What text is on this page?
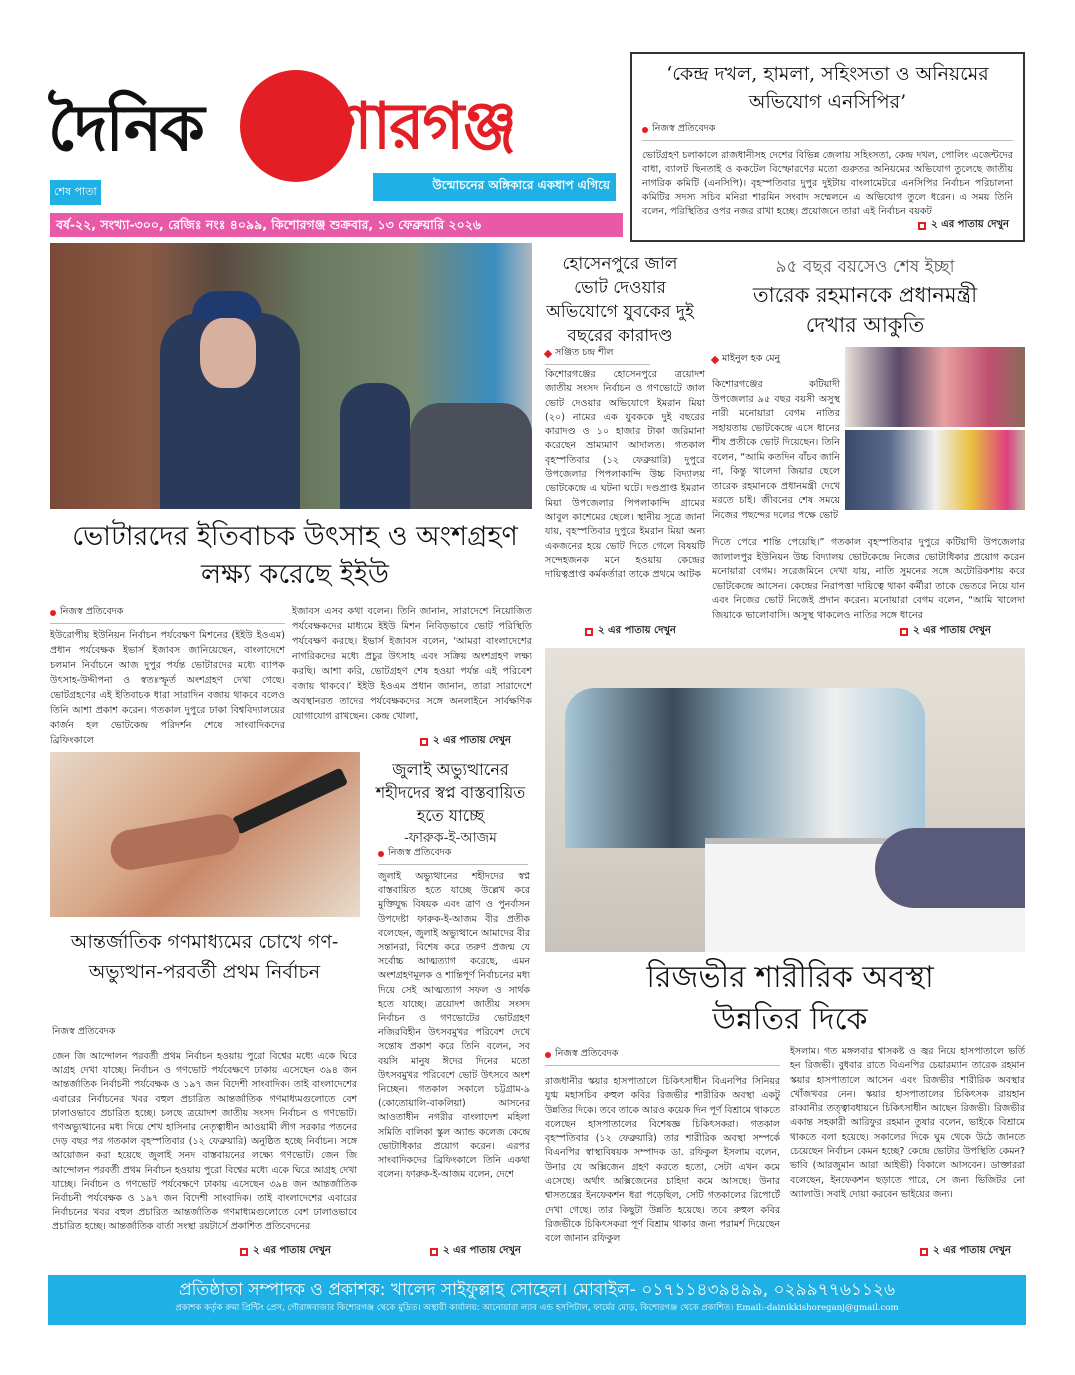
দৈনিক কিশোরগঞ্জ
শেষ পাতা	উন্মোচনের অঙ্গিকারে একধাপ এগিয়ে
বর্ষ-২২, সংখ্যা-৩০০, রেজিঃ নংঃ ৪০৯৯, কিশোরগঞ্জ শুক্রবার, ১৩ ফেব্রুয়ারি ২০২৬
‘কেন্দ্র দখল, হামলা, সহিংসতা ও অনিয়মের অভিযোগ এনসিপির’
নিজস্ব প্রতিবেদক
ভোটগ্রহণ চলাকালে রাজধানীসহ দেশের বিভিন্ন জেলায় সহিংসতা, কেন্দ্র দখল, পোলিং এজেন্টদের বাধা, ব্যালট ছিনতাই ও ককটেল বিস্ফোরণের মতো গুরুতর অনিয়মের অভিযোগ তুলেছে জাতীয় নাগরিক কমিটি (এনসিপি)। বৃহস্পতিবার দুপুর দুইটায় বাংলামেটরে এনসিপির নির্বাচন পরিচালনা কমিটির সদস্য সচিব মনিরা শারমিন সংবাদ সম্মেলনে এ অভিযোগ তুলে ধরেন। এ সময় তিনি বলেন, পরিস্থিতির ওপর নজর রাখা হচ্ছে। প্রয়োজনে তারা এই নির্বাচন বয়কট
২ এর পাতায় দেখুন
ভোটারদের ইতিবাচক উৎসাহ ও অংশগ্রহণ লক্ষ্য করেছে ইইউ
নিজস্ব প্রতিবেদক
ইউরোপীয় ইউনিয়ন নির্বাচন পর্যবেক্ষণ মিশনের (ইইউ ইওএম) প্রধান পর্যবেক্ষক ইভার্স ইজাবস জানিয়েছেন, বাংলাদেশে চলমান নির্বাচনে আজ দুপুর পর্যন্ত ভোটারদের মধ্যে ব্যাপক উৎসাহ-উদ্দীপনা ও স্বতঃস্ফূর্ত অংশগ্রহণ দেখা গেছে। ভোটগ্রহণের এই ইতিবাচক ধারা সারাদিন বজায় থাকবে বলেও তিনি আশা প্রকাশ করেন। গতকাল দুপুরে ঢাকা বিশ্ববিদ্যালয়ের কার্জন হল ভোটকেন্দ্র পরিদর্শন শেষে সাংবাদিকদের ব্রিফিংকালে
ইজাবস এসব কথা বলেন। তিনি জানান, সারাদেশে নিয়োজিত পর্যবেক্ষকদের মাধ্যমে ইইউ মিশন নিবিড়ভাবে ভোট পরিস্থিতি পর্যবেক্ষণ করছে। ইভার্স ইজাবস বলেন, ‘আমরা বাংলাদেশের নাগরিকদের মধ্যে প্রচুর উৎসাহ এবং সক্রিয় অংশগ্রহণ লক্ষ্য করছি। আশা করি, ভোটগ্রহণ শেষ হওয়া পর্যন্ত এই পরিবেশ বজায় থাকবে।’ ইইউ ইওএম প্রধান জানান, তারা সারাদেশে অবস্থানরত তাদের পর্যবেক্ষকদের সঙ্গে অনলাইনে সার্বক্ষণিক যোগাযোগ রাখছেন। কেন্দ্র খোলা,
২ এর পাতায় দেখুন
হোসেনপুরে জাল ভোট দেওয়ার অভিযোগে যুবকের দুই বছরের কারাদণ্ড
সঞ্জিত চন্দ্র শীল
কিশোরগঞ্জের হোসেনপুরে ত্রয়োদশ জাতীয় সংসদ নির্বাচন ও গণভোটে জাল ভোট দেওয়ার অভিযোগে ইমরান মিয়া (২০) নামের এক যুবককে দুই বছরের কারাদণ্ড ও ১০ হাজার টাকা জরিমানা করেছেন ভ্রাম্যমাণ আদালত। গতকাল বৃহস্পতিবার (১২ ফেব্রুয়ারি) দুপুরে উপজেলার পিপলাকান্দি উচ্চ বিদ্যালয় ভোটকেন্দ্রে এ ঘটনা ঘটে। দণ্ডপ্রাপ্ত ইমরান মিয়া উপজেলার পিপলাকান্দি গ্রামের আবুল কাশেমের ছেলে। স্থানীয় সূত্রে জানা যায়, বৃহস্পতিবার দুপুরে ইমরান মিয়া অন্য একজনের হয়ে ভোট দিতে গেলে বিষয়টি সন্দেহজনক মনে হওয়ায় কেন্দ্রের দায়িত্বপ্রাপ্ত কর্মকর্তারা তাকে প্রথমে আটক
২ এর পাতায় দেখুন
৯৫ বছর বয়সেও শেষ ইচ্ছা
তারেক রহমানকে প্রধানমন্ত্রী দেখার আকুতি
মাইনুল হক মেনু
কিশোরগঞ্জের কটিয়াদী উপজেলার ৯৫ বছর বয়সী অসুস্থ নারী মনোয়ারা বেগম নাতির সহায়তায় ভোটকেন্দ্রে এসে ধানের শীষ প্রতীকে ভোট দিয়েছেন। তিনি বলেন, “আমি কতদিন বাঁচব জানি না, কিন্তু খালেদা জিয়ার ছেলে তারেক রহমানকে প্রধানমন্ত্রী দেখে মরতে চাই। জীবনের শেষ সময়ে নিজের পছন্দের দলের পক্ষে ভোট
দিতে পেরে শান্তি পেয়েছি।” গতকাল বৃহস্পতিবার দুপুরে কটিয়াদী উপজেলার জালালপুর ইউনিয়ন উচ্চ বিদ্যালয় ভোটকেন্দ্রে নিজের ভোটাধিকার প্রয়োগ করেন মনোয়ারা বেগম। সরেজমিনে দেখা যায়, নাতি সুমনের সঙ্গে অটোরিকশায় করে ভোটকেন্দ্রে আসেন। কেন্দ্রের নিরাপত্তা দায়িত্বে থাকা কর্মীরা তাকে ভেতরে নিয়ে যান এবং নিজের ভোট নিজেই প্রদান করেন। মনোয়ারা বেগম বলেন, “আমি খালেদা জিয়াকে ভালোবাসি। অসুস্থ থাকলেও নাতির সঙ্গে ধানের
২ এর পাতায় দেখুন
রিজভীর শারীরিক অবস্থা উন্নতির দিকে
নিজস্ব প্রতিবেদক
রাজধানীর স্কয়ার হাসপাতালে চিকিৎসাধীন বিএনপির সিনিয়র যুগ্ম মহাসচিব রুহুল কবির রিজভীর শারীরিক অবস্থা একটু উন্নতির দিকে। তবে তাকে আরও কয়েক দিন পূর্ণ বিশ্রামে থাকতে বলেছেন হাসপাতালের বিশেষজ্ঞ চিকিৎসকরা। গতকাল বৃহস্পতিবার (১২ ফেব্রুয়ারি) তার শারীরিক অবস্থা সম্পর্কে বিএনপির স্বাস্থ্যবিষয়ক সম্পাদক ডা. রফিকুল ইসলাম বলেন, উনার যে অক্সিজেন গ্রহণ করতে হতো, সেটা এখন কমে এসেছে। অর্থাৎ অক্সিজেনের চাহিদা কমে আসছে। উনার শ্বাসতন্ত্রের ইনফেকশন ধরা পড়েছিল, সেটি গতকালের রিপোর্টে দেখা গেছে। তার কিছুটা উন্নতি হয়েছে। তবে রুহুল কবির রিজভীকে চিকিৎসকরা পূর্ণ বিশ্রাম থাকার জন্য পরামর্শ দিয়েছেন বলে জানান রফিকুল
ইসলাম। গত মঙ্গলবার শ্বাসকষ্ট ও জ্বর নিয়ে হাসপাতালে ভর্তি হন রিজভী। বুধবার রাতে বিএনপির চেয়ারম্যান তারেক রহমান স্কয়ার হাসপাতালে আসেন এবং রিজভীর শারীরিক অবস্থার খোঁজখবর নেন। স্কয়ার হাসপাতালের চিকিৎসক রায়হান রাব্বানীর তত্ত্বাবধায়নে চিকিৎসাধীন আছেন রিজভী। রিজভীর একান্ত সহকারী আরিফুর রহমান তুষার বলেন, ভাইকে বিশ্রামে থাকতে বলা হয়েছে। সকালের দিকে ঘুম থেকে উঠে জানতে চেয়েছেন নির্বাচন কেমন হচ্ছে? কেন্দ্রে ভোটার উপস্থিতি কেমন? ভাবি (আরজুমান আরা আইভী) বিকালে আসবেন। ডাক্তাররা বলেছেন, ইনফেকশন ছড়াতে পারে, সে জন্য ভিজিটর নো অ্যালাউ। সবাই দোয়া করবেন ভাইয়ের জন্য।
২ এর পাতায় দেখুন
জুলাই অভ্যুত্থানের শহীদদের স্বপ্ন বাস্তবায়িত হতে যাচ্ছে
-ফারুক-ই-আজম
নিজস্ব প্রতিবেদক
জুলাই অভ্যুত্থানের শহীদদের স্বপ্ন বাস্তবায়িত হতে যাচ্ছে উল্লেখ করে মুক্তিযুদ্ধ বিষয়ক এবং ত্রাণ ও পুনর্বাসন উপদেষ্টা ফারুক-ই-আজম বীর প্রতীক বলেছেন, জুলাই অভ্যুত্থানে আমাদের বীর সন্তানরা, বিশেষ করে তরুণ প্রজন্ম যে সর্বোচ্চ আত্মত্যাগ করেছে, এমন অংশগ্রহণমূলক ও শান্তিপূর্ণ নির্বাচনের মধ্য দিয়ে সেই আত্মত্যাগ সফল ও সার্থক হতে যাচ্ছে। ত্রয়োদশ জাতীয় সংসদ নির্বাচন ও গণভোটের ভোটগ্রহণ নজিরবিহীন উৎসবমুখর পরিবেশ দেখে সন্তোষ প্রকাশ করে তিনি বলেন, সব বয়সি মানুষ ঈদের দিনের মতো উৎসবমুখর পরিবেশে ভোট উৎসবে অংশ নিচ্ছেন। গতকাল সকালে চট্টগ্রাম-৯ (কোতোয়ালি-বাকলিয়া) আসনের আওতাধীন নগরীর বাংলাদেশ মহিলা সমিতি বালিকা স্কুল অ্যান্ড কলেজ কেন্দ্রে ভোটাধিকার প্রয়োগ করেন। এরপর সাংবাদিকদের ব্রিফিংকালে তিনি একথা বলেন। ফারুক-ই-আজম বলেন, দেশে
২ এর পাতায় দেখুন
আন্তর্জাতিক গণমাধ্যমের চোখে গণ-অভ্যুত্থান-পরবর্তী প্রথম নির্বাচন
নিজস্ব প্রতিবেদক
জেন জি আন্দোলন পরবর্তী প্রথম নির্বাচন হওয়ায় পুরো বিশ্বের মধ্যে একে ঘিরে আগ্রহ দেখা যাচ্ছে। নির্বাচন ও গণভোট পর্যবেক্ষণে ঢাকায় এসেছেন ৩৯৪ জন আন্তর্জাতিক নির্বাচনী পর্যবেক্ষক ও ১৯৭ জন বিদেশী সাংবাদিক। তাই বাংলাদেশের এবারের নির্বাচনের খবর বহুল প্রচারিত আন্তর্জাতিক গণমাধ্যমগুলোতে বেশ ঢালাওভাবে প্রচারিত হচ্ছে। চলছে ত্রয়োদশ জাতীয় সংসদ নির্বাচন ও গণভোট। গণঅভ্যুত্থানের মধ্য দিয়ে শেখ হাসিনার নেতৃত্বাধীন আওয়ামী লীগ সরকার পতনের দেড় বছর পর গতকাল বৃহস্পতিবার (১২ ফেব্রুয়ারি) অনুষ্ঠিত হচ্ছে নির্বাচন। সঙ্গে আয়োজন করা হয়েছে জুলাই সনদ বাস্তবায়নের লক্ষ্যে গণভোট। জেন জি আন্দোলন পরবর্তী প্রথম নির্বাচন হওয়ায় পুরো বিশ্বের মধ্যে একে ঘিরে আগ্রহ দেখা যাচ্ছে। নির্বাচন ও গণভোট পর্যবেক্ষণে ঢাকায় এসেছেন ৩৯৪ জন আন্তর্জাতিক নির্বাচনী পর্যবেক্ষক ও ১৯৭ জন বিদেশী সাংবাদিক। তাই বাংলাদেশের এবারের নির্বাচনের খবর বহুল প্রচারিত আন্তর্জাতিক গণমাধ্যমগুলোতে বেশ ঢালাওভাবে প্রচারিত হচ্ছে। আন্তর্জাতিক বার্তা সংস্থা রয়টার্সে প্রকাশিত প্রতিবেদনের
২ এর পাতায় দেখুন
প্রতিষ্ঠাতা সম্পাদক ও প্রকাশক: খালেদ সাইফুল্লাহ সোহেল। মোবাইল- ০১৭১১৪৩৯৪৯৯, ০২৯৯৭৭৬১১২৬
প্রকাশক কর্তৃক রুমা প্রিন্টিং প্রেস, গৌরাঙ্গবাজার কিশোরগঞ্জ থেকে মুদ্রিত। অস্থায়ী কার্যালয়: আনোয়ারা ল্যাব এন্ড হসপিটাল, ফার্মের মোড়, কিশোরগঞ্জ থেকে প্রকাশিত। Email:-dainikkishoreganj@gmail.com
